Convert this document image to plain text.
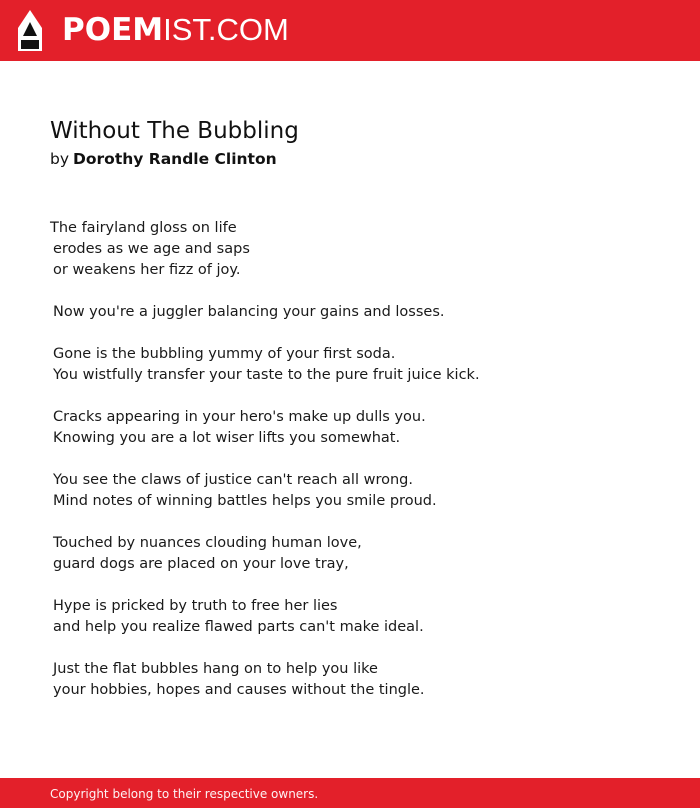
POEMIST.COM
Without The Bubbling
by Dorothy Randle Clinton
The fairyland gloss on life
erodes as we age and saps
or weakens her fizz of joy.
Now you're a juggler balancing your gains and losses.
Gone is the bubbling yummy of your first soda.
You wistfully transfer your taste to the pure fruit juice kick.
Cracks appearing in your hero's make up dulls you.
Knowing you are a lot wiser lifts you somewhat.
You see the claws of justice can't reach all wrong.
Mind notes of winning battles helps you smile proud.
Touched by nuances clouding human love,
guard dogs are placed on your love tray,
Hype is pricked by truth to free her lies
and help you realize flawed parts can't make ideal.
Just the flat bubbles hang on to help you like
your hobbies, hopes and causes without the tingle.
Copyright belong to their respective owners.
